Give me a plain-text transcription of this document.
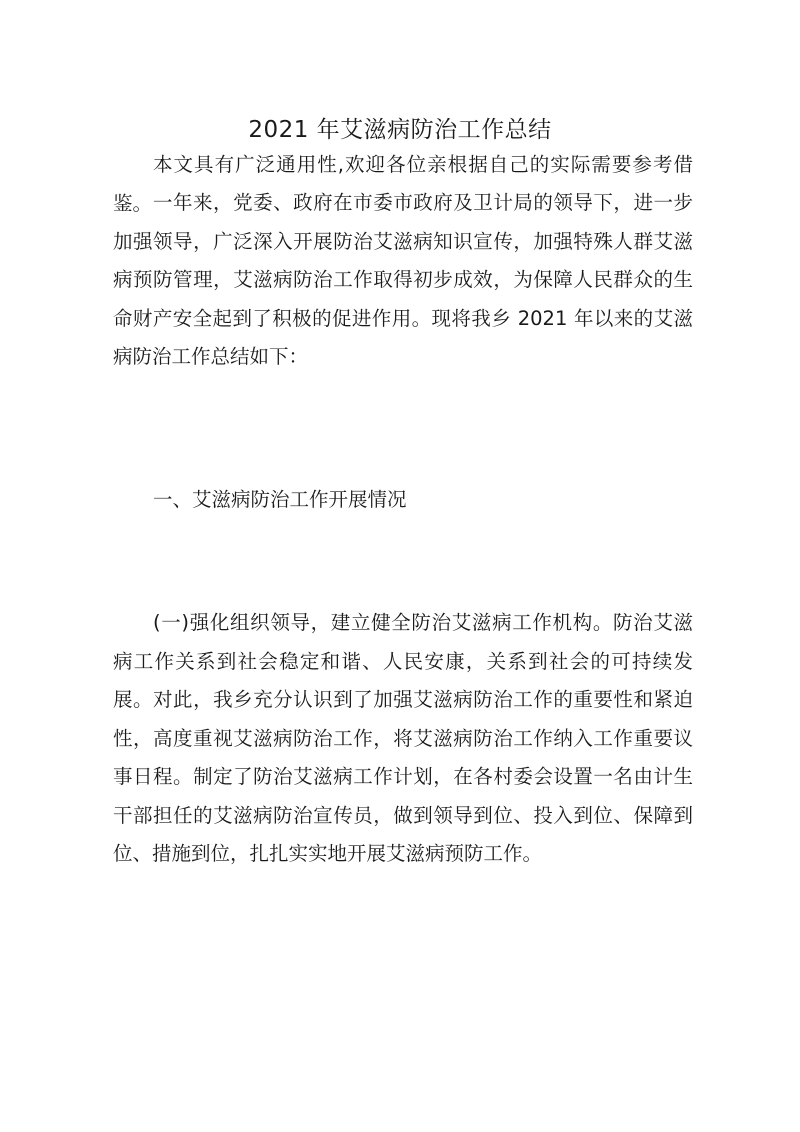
2021 年艾滋病防治工作总结

本文具有广泛通用性,欢迎各位亲根据自己的实际需要参考借鉴。 一年来，党委、政府在市委市政府及卫计局的领导下，进一步加强领导，广泛深入开展防治艾滋病知识宣传，加强特殊人群艾滋病预防管理，艾滋病防治工作取得初步成效，为保障人民群众的生命财产安全起到了积极的促进作用。现将我乡 2021 年以来的艾滋病防治工作总结如下：

一、艾滋病防治工作开展情况

(一)强化组织领导，建立健全防治艾滋病工作机构。防治艾滋病工作关系到社会稳定和谐、人民安康，关系到社会的可持续发展。对此，我乡充分认识到了加强艾滋病防治工作的重要性和紧迫性，高度重视艾滋病防治工作，将艾滋病防治工作纳入工作重要议事日程。制定了防治艾滋病工作计划，在各村委会设置一名由计生干部担任的艾滋病防治宣传员，做到领导到位、投入到位、保障到位、措施到位，扎扎实实地开展艾滋病预防工作。
